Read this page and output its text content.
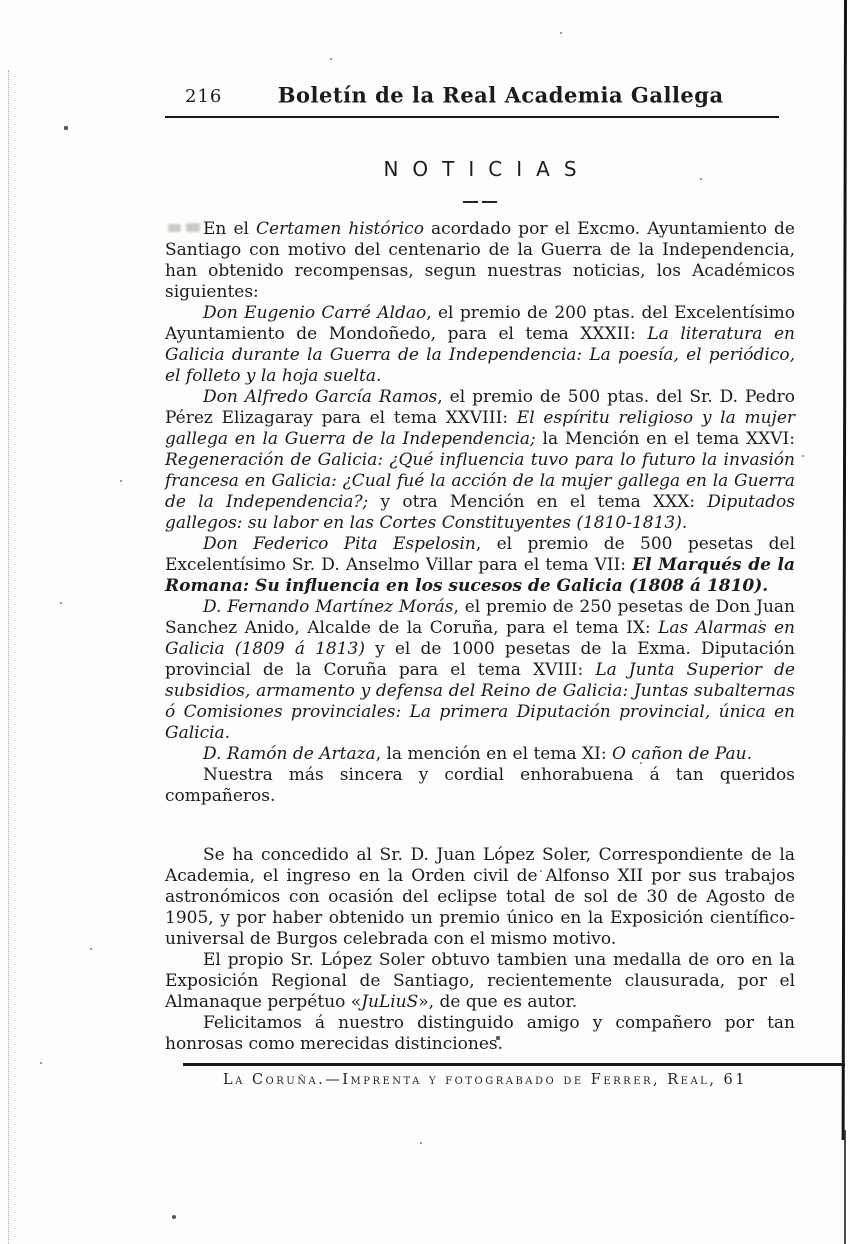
216	Boletín de la Real Academia Gallega
NOTICIAS

En el Certamen histórico acordado por el Excmo. Ayuntamiento de Santiago con motivo del centenario de la Guerra de la Independencia, han obtenido recompensas, segun nuestras noticias, los Académicos siguientes:

Don Eugenio Carré Aldao, el premio de 200 ptas. del Excelentísimo Ayuntamiento de Mondoñedo, para el tema XXXII: La literatura en Galicia durante la Guerra de la Independencia: La poesía, el periódico, el folleto y la hoja suelta.

Don Alfredo García Ramos, el premio de 500 ptas. del Sr. D. Pedro Pérez Elizagaray para el tema XXVIII: El espíritu religioso y la mujer gallega en la Guerra de la Independencia; la Mención en el tema XXVI: Regeneración de Galicia: ¿Qué influencia tuvo para lo futuro la invasión francesa en Galicia: ¿Cual fué la acción de la mujer gallega en la Guerra de la Independencia?; y otra Mención en el tema XXX: Diputados gallegos: su labor en las Cortes Constituyentes (1810-1813).

Don Federico Pita Espelosin, el premio de 500 pesetas del Excelentísimo Sr. D. Anselmo Villar para el tema VII: El Marqués de la Romana: Su influencia en los sucesos de Galicia (1808 á 1810).

D. Fernando Martínez Morás, el premio de 250 pesetas de Don Juan Sanchez Anido, Alcalde de la Coruña, para el tema IX: Las Alarmas en Galicia (1809 á 1813) y el de 1000 pesetas de la Exma. Diputación provincial de la Coruña para el tema XVIII: La Junta Superior de subsidios, armamento y defensa del Reino de Galicia: Juntas subalternas ó Comisiones provinciales: La primera Diputación provincial, única en Galicia.

D. Ramón de Artaza, la mención en el tema XI: O cañon de Pau.

Nuestra más sincera y cordial enhorabuena á tan queridos compañeros.

Se ha concedido al Sr. D. Juan López Soler, Correspondiente de la Academia, el ingreso en la Orden civil de Alfonso XII por sus trabajos astronómicos con ocasión del eclipse total de sol de 30 de Agosto de 1905, y por haber obtenido un premio único en la Exposición científico-universal de Burgos celebrada con el mismo motivo.

El propio Sr. López Soler obtuvo tambien una medalla de oro en la Exposición Regional de Santiago, recientemente clausurada, por el Almanaque perpétuo «JuLiuS», de que es autor.

Felicitamos á nuestro distinguido amigo y compañero por tan honrosas como merecidas distinciones.

La Coruña.—Imprenta y fotograbado de Ferrer, Real, 61
